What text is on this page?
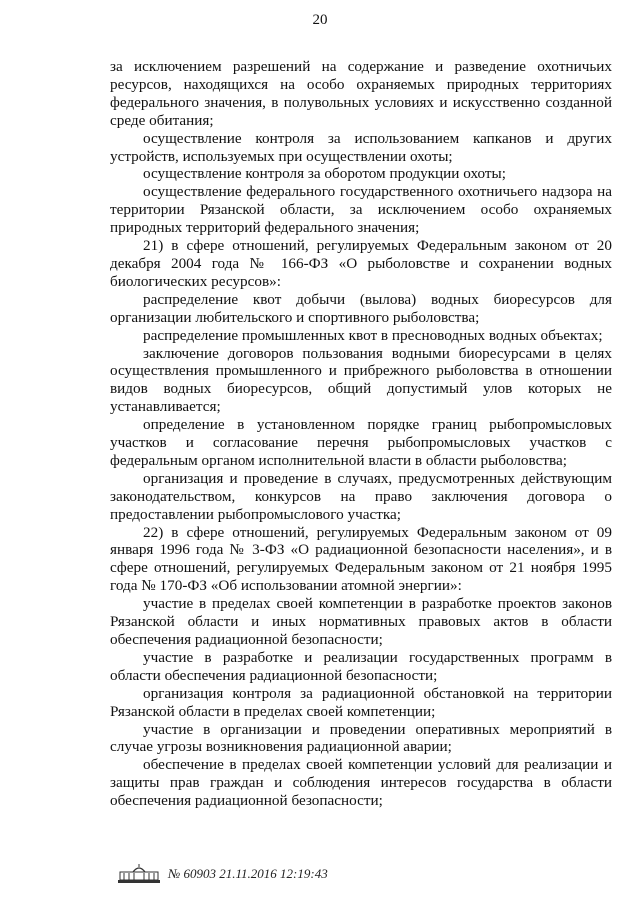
20

за исключением разрешений на содержание и разведение охотничьих ресурсов, находящихся на особо охраняемых природных территориях федерального значения, в полувольных условиях и искусственно созданной среде обитания;

осуществление контроля за использованием капканов и других устройств, используемых при осуществлении охоты;

осуществление контроля за оборотом продукции охоты;

осуществление федерального государственного охотничьего надзора на территории Рязанской области, за исключением особо охраняемых природных территорий федерального значения;

21) в сфере отношений, регулируемых Федеральным законом от 20 декабря 2004 года № 166-ФЗ «О рыболовстве и сохранении водных биологических ресурсов»:

распределение квот добычи (вылова) водных биоресурсов для организации любительского и спортивного рыболовства;

распределение промышленных квот в пресноводных водных объектах;

заключение договоров пользования водными биоресурсами в целях осуществления промышленного и прибрежного рыболовства в отношении видов водных биоресурсов, общий допустимый улов которых не устанавливается;

определение в установленном порядке границ рыбопромысловых участков и согласование перечня рыбопромысловых участков с федеральным органом исполнительной власти в области рыболовства;

организация и проведение в случаях, предусмотренных действующим законодательством, конкурсов на право заключения договора о предоставлении рыбопромыслового участка;

22) в сфере отношений, регулируемых Федеральным законом от 09 января 1996 года № 3-ФЗ «О радиационной безопасности населения», и в сфере отношений, регулируемых Федеральным законом от 21 ноября 1995 года № 170-ФЗ «Об использовании атомной энергии»:

участие в пределах своей компетенции в разработке проектов законов Рязанской области и иных нормативных правовых актов в области обеспечения радиационной безопасности;

участие в разработке и реализации государственных программ в области обеспечения радиационной безопасности;

организация контроля за радиационной обстановкой на территории Рязанской области в пределах своей компетенции;

участие в организации и проведении оперативных мероприятий в случае угрозы возникновения радиационной аварии;

обеспечение в пределах своей компетенции условий для реализации и защиты прав граждан и соблюдения интересов государства в области обеспечения радиационной безопасности;

№ 60903 21.11.2016 12:19:43
